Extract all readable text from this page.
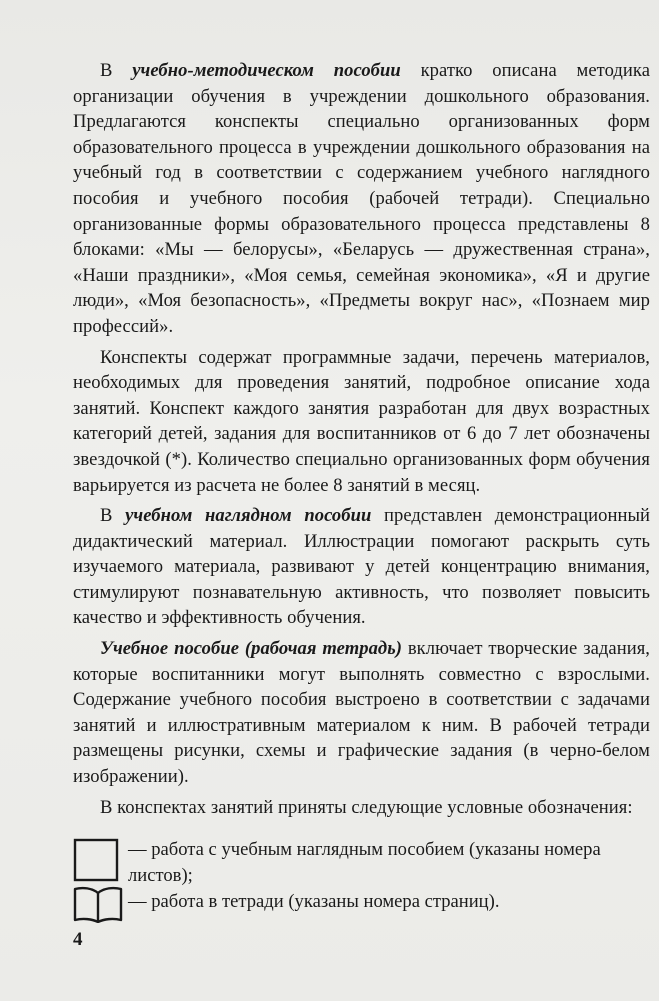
В учебно-методическом пособии кратко описана методика организации обучения в учреждении дошкольного образования. Предлагаются конспекты специально организованных форм образовательного процесса в учреждении дошкольного образования на учебный год в соответствии с содержанием учебного наглядного пособия и учебного пособия (рабочей тетради). Специально организованные формы образовательного процесса представлены 8 блоками: «Мы — белорусы», «Беларусь — дружественная страна», «Наши праздники», «Моя семья, семейная экономика», «Я и другие люди», «Моя безопасность», «Предметы вокруг нас», «Познаем мир профессий».

Конспекты содержат программные задачи, перечень материалов, необходимых для проведения занятий, подробное описание хода занятий. Конспект каждого занятия разработан для двух возрастных категорий детей, задания для воспитанников от 6 до 7 лет обозначены звездочкой (*). Количество специально организованных форм обучения варьируется из расчета не более 8 занятий в месяц.

В учебном наглядном пособии представлен демонстрационный дидактический материал. Иллюстрации помогают раскрыть суть изучаемого материала, развивают у детей концентрацию внимания, стимулируют познавательную активность, что позволяет повысить качество и эффективность обучения.

Учебное пособие (рабочая тетрадь) включает творческие задания, которые воспитанники могут выполнять совместно с взрослыми. Содержание учебного пособия выстроено в соответствии с задачами занятий и иллюстративным материалом к ним. В рабочей тетради размещены рисунки, схемы и графические задания (в черно-белом изображении).

В конспектах занятий приняты следующие условные обозначения:

— работа с учебным наглядным пособием (указаны номера листов);
— работа в тетради (указаны номера страниц).
4
